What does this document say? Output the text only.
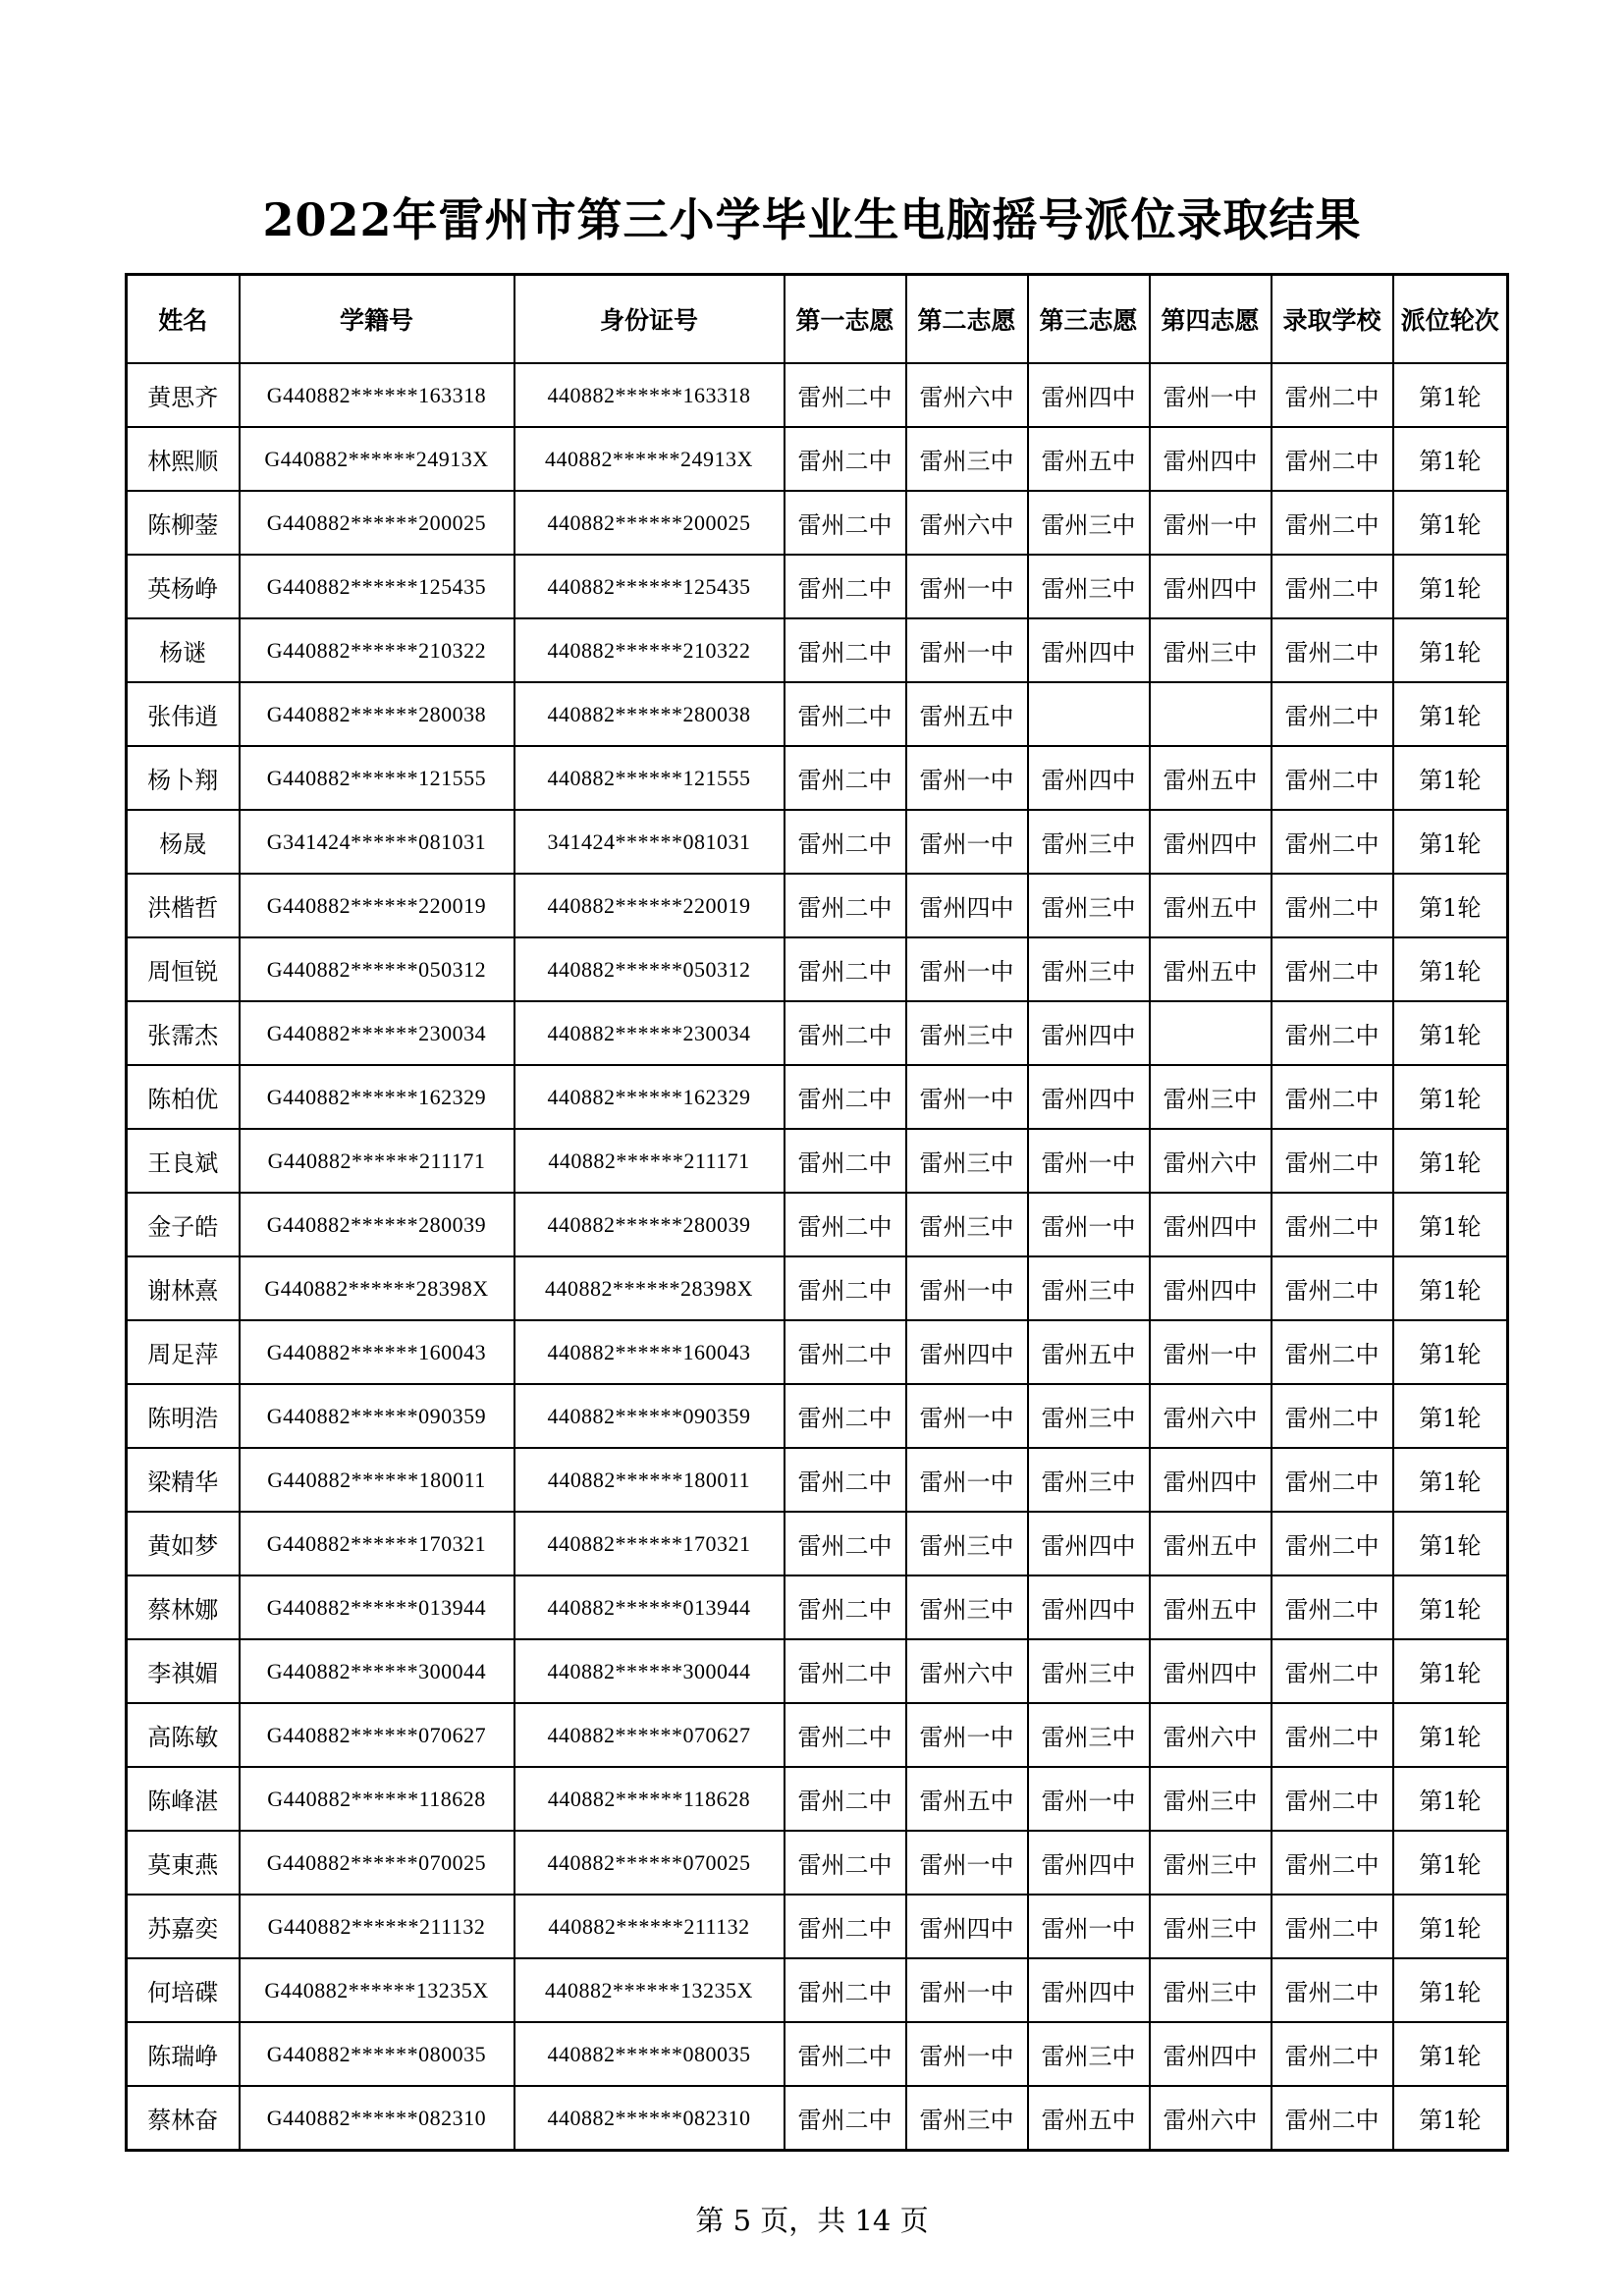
2022年雷州市第三小学毕业生电脑摇号派位录取结果
姓名	学籍号	身份证号	第一志愿	第二志愿	第三志愿	第四志愿	录取学校	派位轮次
黄思齐	G440882******163318	440882******163318	雷州二中	雷州六中	雷州四中	雷州一中	雷州二中	第1轮
林熙顺	G440882******24913X	440882******24913X	雷州二中	雷州三中	雷州五中	雷州四中	雷州二中	第1轮
陈柳蓥	G440882******200025	440882******200025	雷州二中	雷州六中	雷州三中	雷州一中	雷州二中	第1轮
英杨峥	G440882******125435	440882******125435	雷州二中	雷州一中	雷州三中	雷州四中	雷州二中	第1轮
杨谜	G440882******210322	440882******210322	雷州二中	雷州一中	雷州四中	雷州三中	雷州二中	第1轮
张伟逍	G440882******280038	440882******280038	雷州二中	雷州五中			雷州二中	第1轮
杨卜翔	G440882******121555	440882******121555	雷州二中	雷州一中	雷州四中	雷州五中	雷州二中	第1轮
杨晟	G341424******081031	341424******081031	雷州二中	雷州一中	雷州三中	雷州四中	雷州二中	第1轮
洪楷哲	G440882******220019	440882******220019	雷州二中	雷州四中	雷州三中	雷州五中	雷州二中	第1轮
周恒锐	G440882******050312	440882******050312	雷州二中	雷州一中	雷州三中	雷州五中	雷州二中	第1轮
张霈杰	G440882******230034	440882******230034	雷州二中	雷州三中	雷州四中		雷州二中	第1轮
陈柏优	G440882******162329	440882******162329	雷州二中	雷州一中	雷州四中	雷州三中	雷州二中	第1轮
王良斌	G440882******211171	440882******211171	雷州二中	雷州三中	雷州一中	雷州六中	雷州二中	第1轮
金子皓	G440882******280039	440882******280039	雷州二中	雷州三中	雷州一中	雷州四中	雷州二中	第1轮
谢林熹	G440882******28398X	440882******28398X	雷州二中	雷州一中	雷州三中	雷州四中	雷州二中	第1轮
周足萍	G440882******160043	440882******160043	雷州二中	雷州四中	雷州五中	雷州一中	雷州二中	第1轮
陈明浩	G440882******090359	440882******090359	雷州二中	雷州一中	雷州三中	雷州六中	雷州二中	第1轮
梁精华	G440882******180011	440882******180011	雷州二中	雷州一中	雷州三中	雷州四中	雷州二中	第1轮
黄如梦	G440882******170321	440882******170321	雷州二中	雷州三中	雷州四中	雷州五中	雷州二中	第1轮
蔡林娜	G440882******013944	440882******013944	雷州二中	雷州三中	雷州四中	雷州五中	雷州二中	第1轮
李祺媚	G440882******300044	440882******300044	雷州二中	雷州六中	雷州三中	雷州四中	雷州二中	第1轮
高陈敏	G440882******070627	440882******070627	雷州二中	雷州一中	雷州三中	雷州六中	雷州二中	第1轮
陈峰湛	G440882******118628	440882******118628	雷州二中	雷州五中	雷州一中	雷州三中	雷州二中	第1轮
莫東燕	G440882******070025	440882******070025	雷州二中	雷州一中	雷州四中	雷州三中	雷州二中	第1轮
苏嘉奕	G440882******211132	440882******211132	雷州二中	雷州四中	雷州一中	雷州三中	雷州二中	第1轮
何培碟	G440882******13235X	440882******13235X	雷州二中	雷州一中	雷州四中	雷州三中	雷州二中	第1轮
陈瑞峥	G440882******080035	440882******080035	雷州二中	雷州一中	雷州三中	雷州四中	雷州二中	第1轮
蔡林奋	G440882******082310	440882******082310	雷州二中	雷州三中	雷州五中	雷州六中	雷州二中	第1轮
第 5 页，共 14 页
